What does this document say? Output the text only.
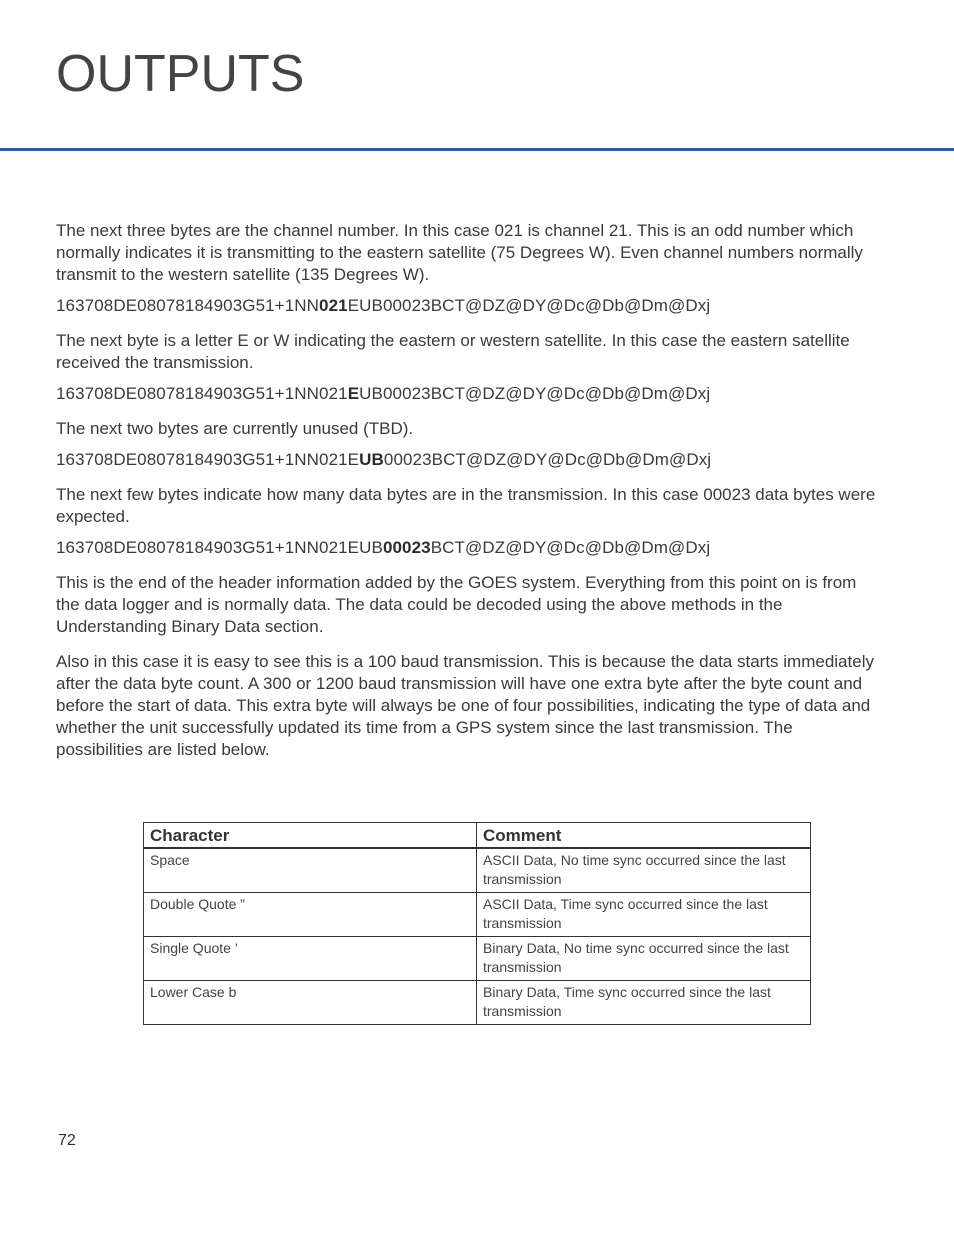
OUTPUTS

The next three bytes are the channel number. In this case 021 is channel 21. This is an odd number which normally indicates it is transmitting to the eastern satellite (75 Degrees W). Even channel numbers normally transmit to the western satellite (135 Degrees W).

163708DE08078184903G51+1NN021EUB00023BCT@DZ@DY@Dc@Db@Dm@Dxj

The next byte is a letter E or W indicating the eastern or western satellite. In this case the eastern satellite received the transmission.

163708DE08078184903G51+1NN021EUB00023BCT@DZ@DY@Dc@Db@Dm@Dxj

The next two bytes are currently unused (TBD).

163708DE08078184903G51+1NN021EUB00023BCT@DZ@DY@Dc@Db@Dm@Dxj

The next few bytes indicate how many data bytes are in the transmission. In this case 00023 data bytes were expected.

163708DE08078184903G51+1NN021EUB00023BCT@DZ@DY@Dc@Db@Dm@Dxj

This is the end of the header information added by the GOES system. Everything from this point on is from the data logger and is normally data. The data could be decoded using the above methods in the Understanding Binary Data section.

Also in this case it is easy to see this is a 100 baud transmission. This is because the data starts immediately after the data byte count. A 300 or 1200 baud transmission will have one extra byte after the byte count and before the start of data. This extra byte will always be one of four possibilities, indicating the type of data and whether the unit successfully updated its time from a GPS system since the last transmission. The possibilities are listed below.

Character	Comment
Space	ASCII Data, No time sync occurred since the last transmission
Double Quote ”	ASCII Data, Time sync occurred since the last transmission
Single Quote ’	Binary Data, No time sync occurred since the last transmission
Lower Case b	Binary Data, Time sync occurred since the last transmission
72
